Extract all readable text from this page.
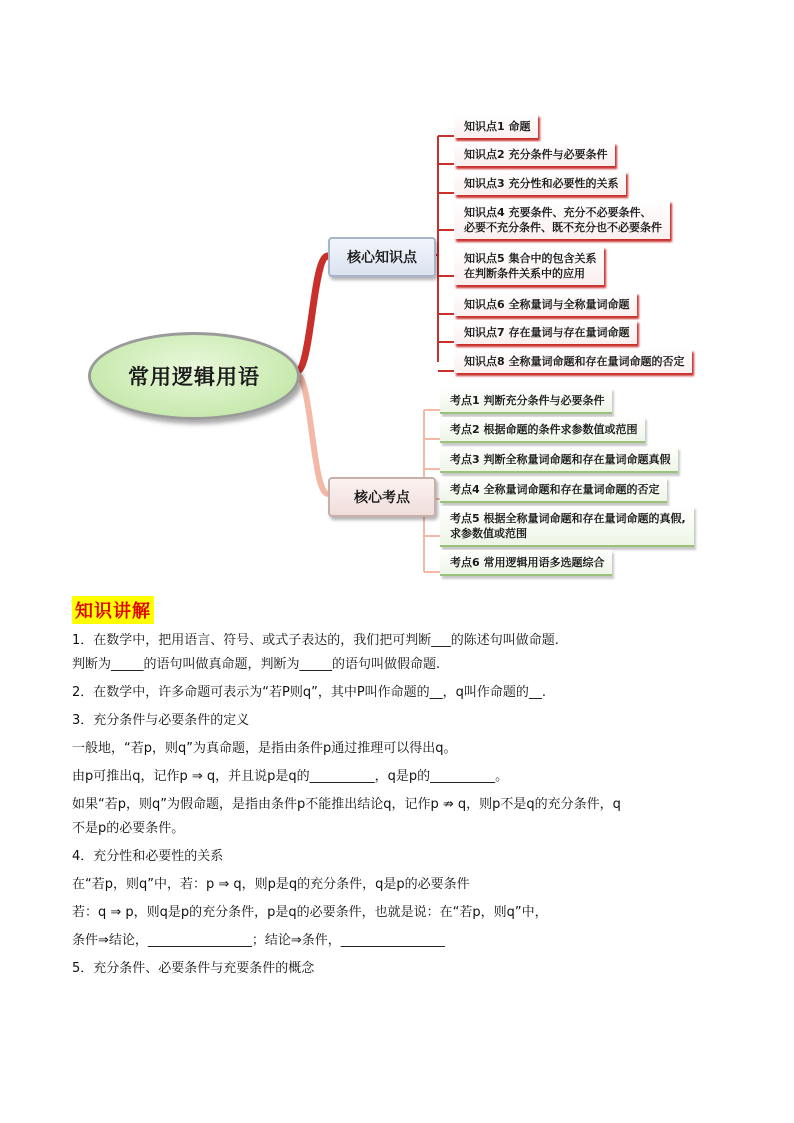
常用逻辑用语
核心知识点
核心考点
知识点1 命题
知识点2 充分条件与必要条件
知识点3 充分性和必要性的关系
知识点4 充要条件、充分不必要条件、
必要不充分条件、既不充分也不必要条件
知识点5 集合中的包含关系
在判断条件关系中的应用
知识点6 全称量词与全称量词命题
知识点7 存在量词与存在量词命题
知识点8 全称量词命题和存在量词命题的否定
考点1 判断充分条件与必要条件
考点2 根据命题的条件求参数值或范围
考点3 判断全称量词命题和存在量词命题真假
考点4 全称量词命题和存在量词命题的否定
考点5 根据全称量词命题和存在量词命题的真假,
求参数值或范围
考点6 常用逻辑用语多选题综合
知识讲解

1．在数学中，把用语言、符号、或式子表达的，我们把可判断___的陈述句叫做命题.

判断为_____的语句叫做真命题，判断为_____的语句叫做假命题.

2．在数学中，许多命题可表示为“若P则q”，其中P叫作命题的__，q叫作命题的__.

3．充分条件与必要条件的定义

一般地，“若p，则q”为真命题，是指由条件p通过推理可以得出q。

由p可推出q，记作p ⇒ q，并且说p是q的__________，q是p的__________。

如果“若p，则q”为假命题，是指由条件p不能推出结论q，记作p ⇏ q，则p不是q的充分条件，q

不是p的必要条件。

4．充分性和必要性的关系

在“若p，则q”中，若：p ⇒ q，则p是q的充分条件，q是p的必要条件

若：q ⇒ p，则q是p的充分条件，p是q的必要条件，也就是说：在“若p，则q”中，

条件⇒结论，________________；结论⇒条件，________________

5．充分条件、必要条件与充要条件的概念
